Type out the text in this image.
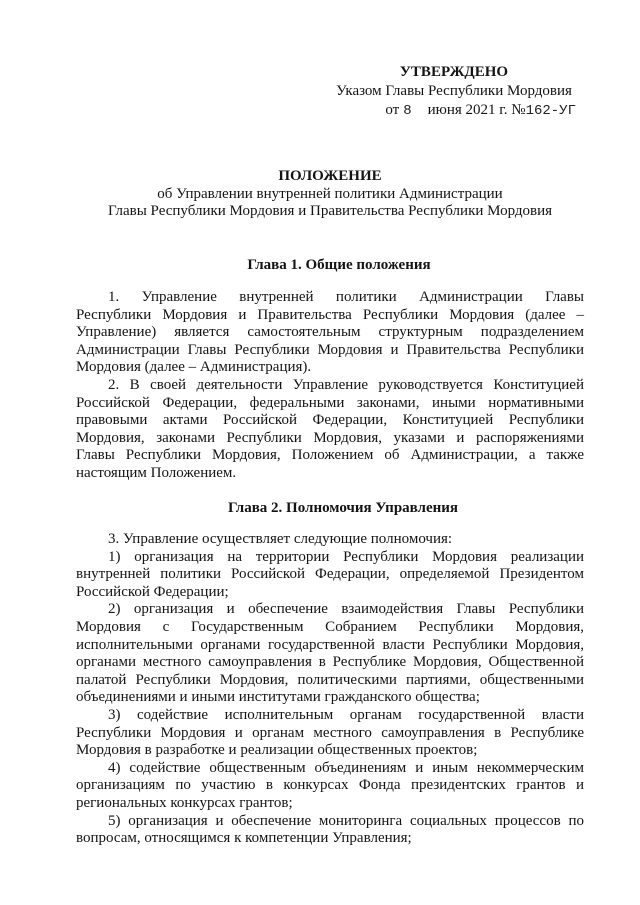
УТВЕРЖДЕНО
Указом Главы Республики Мордовия
от 8 июня 2021 г. №162-УГ
ПОЛОЖЕНИЕ
об Управлении внутренней политики Администрации
Главы Республики Мордовия и Правительства Республики Мордовия
Глава 1. Общие положения
1. Управление внутренней политики Администрации Главы
Республики Мордовия и Правительства Республики Мордовия (далее –
Управление) является самостоятельным структурным подразделением
Администрации Главы Республики Мордовия и Правительства Республики
Мордовия (далее – Администрация).
2. В своей деятельности Управление руководствуется Конституцией
Российской Федерации, федеральными законами, иными нормативными
правовыми актами Российской Федерации, Конституцией Республики
Мордовия, законами Республики Мордовия, указами и распоряжениями
Главы Республики Мордовия, Положением об Администрации, а также
настоящим Положением.
Глава 2. Полномочия Управления
3. Управление осуществляет следующие полномочия:
1) организация на территории Республики Мордовия реализации
внутренней политики Российской Федерации, определяемой Президентом
Российской Федерации;
2) организация и обеспечение взаимодействия Главы Республики
Мордовия с Государственным Собранием Республики Мордовия,
исполнительными органами государственной власти Республики Мордовия,
органами местного самоуправления в Республике Мордовия, Общественной
палатой Республики Мордовия, политическими партиями, общественными
объединениями и иными институтами гражданского общества;
3) содействие исполнительным органам государственной власти
Республики Мордовия и органам местного самоуправления в Республике
Мордовия в разработке и реализации общественных проектов;
4) содействие общественным объединениям и иным некоммерческим
организациям по участию в конкурсах Фонда президентских грантов и
региональных конкурсах грантов;
5) организация и обеспечение мониторинга социальных процессов по
вопросам, относящимся к компетенции Управления;
